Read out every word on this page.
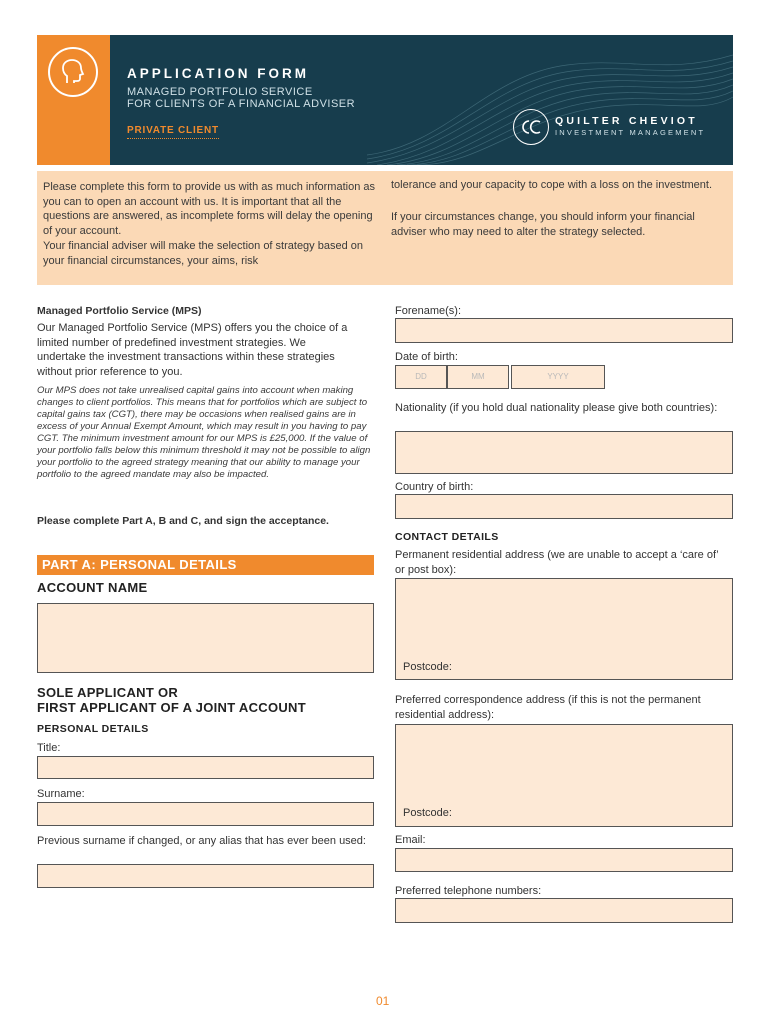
APPLICATION FORM
MANAGED PORTFOLIO SERVICE
FOR CLIENTS OF A FINANCIAL ADVISER
PRIVATE CLIENT
QUILTER CHEVIOT
INVESTMENT MANAGEMENT

Please complete this form to provide us with as much information as you can to open an account with us. It is important that all the questions are answered, as incomplete forms will delay the opening of your account.

Your financial adviser will make the selection of strategy based on your financial circumstances, your aims, risk

tolerance and your capacity to cope with a loss on the investment.

If your circumstances change, you should inform your financial adviser who may need to alter the strategy selected.

Managed Portfolio Service (MPS)
Our Managed Portfolio Service (MPS) offers you the choice of a limited number of predefined investment strategies. We undertake the investment transactions within these strategies without prior reference to you.
Our MPS does not take unrealised capital gains into account when making changes to client portfolios. This means that for portfolios which are subject to capital gains tax (CGT), there may be occasions when realised gains are in excess of your Annual Exempt Amount, which may result in you having to pay CGT. The minimum investment amount for our MPS is £25,000. If the value of your portfolio falls below this minimum threshold it may not be possible to align your portfolio to the agreed strategy meaning that our ability to manage your portfolio to the agreed mandate may also be impacted.
Please complete Part A, B and C, and sign the acceptance.
PART A: PERSONAL DETAILS
ACCOUNT NAME
SOLE APPLICANT OR
FIRST APPLICANT OF A JOINT ACCOUNT
PERSONAL DETAILS
Title:
Surname:
Previous surname if changed, or any alias that has ever been used:
Forename(s):
Date of birth:
DD	MM	YYYY
Nationality (if you hold dual nationality please give both countries):
Country of birth:
CONTACT DETAILS
Permanent residential address (we are unable to accept a ‘care of’ or post box):
Postcode:
Preferred correspondence address (if this is not the permanent residential address):
Postcode:
Email:
Preferred telephone numbers:
01
